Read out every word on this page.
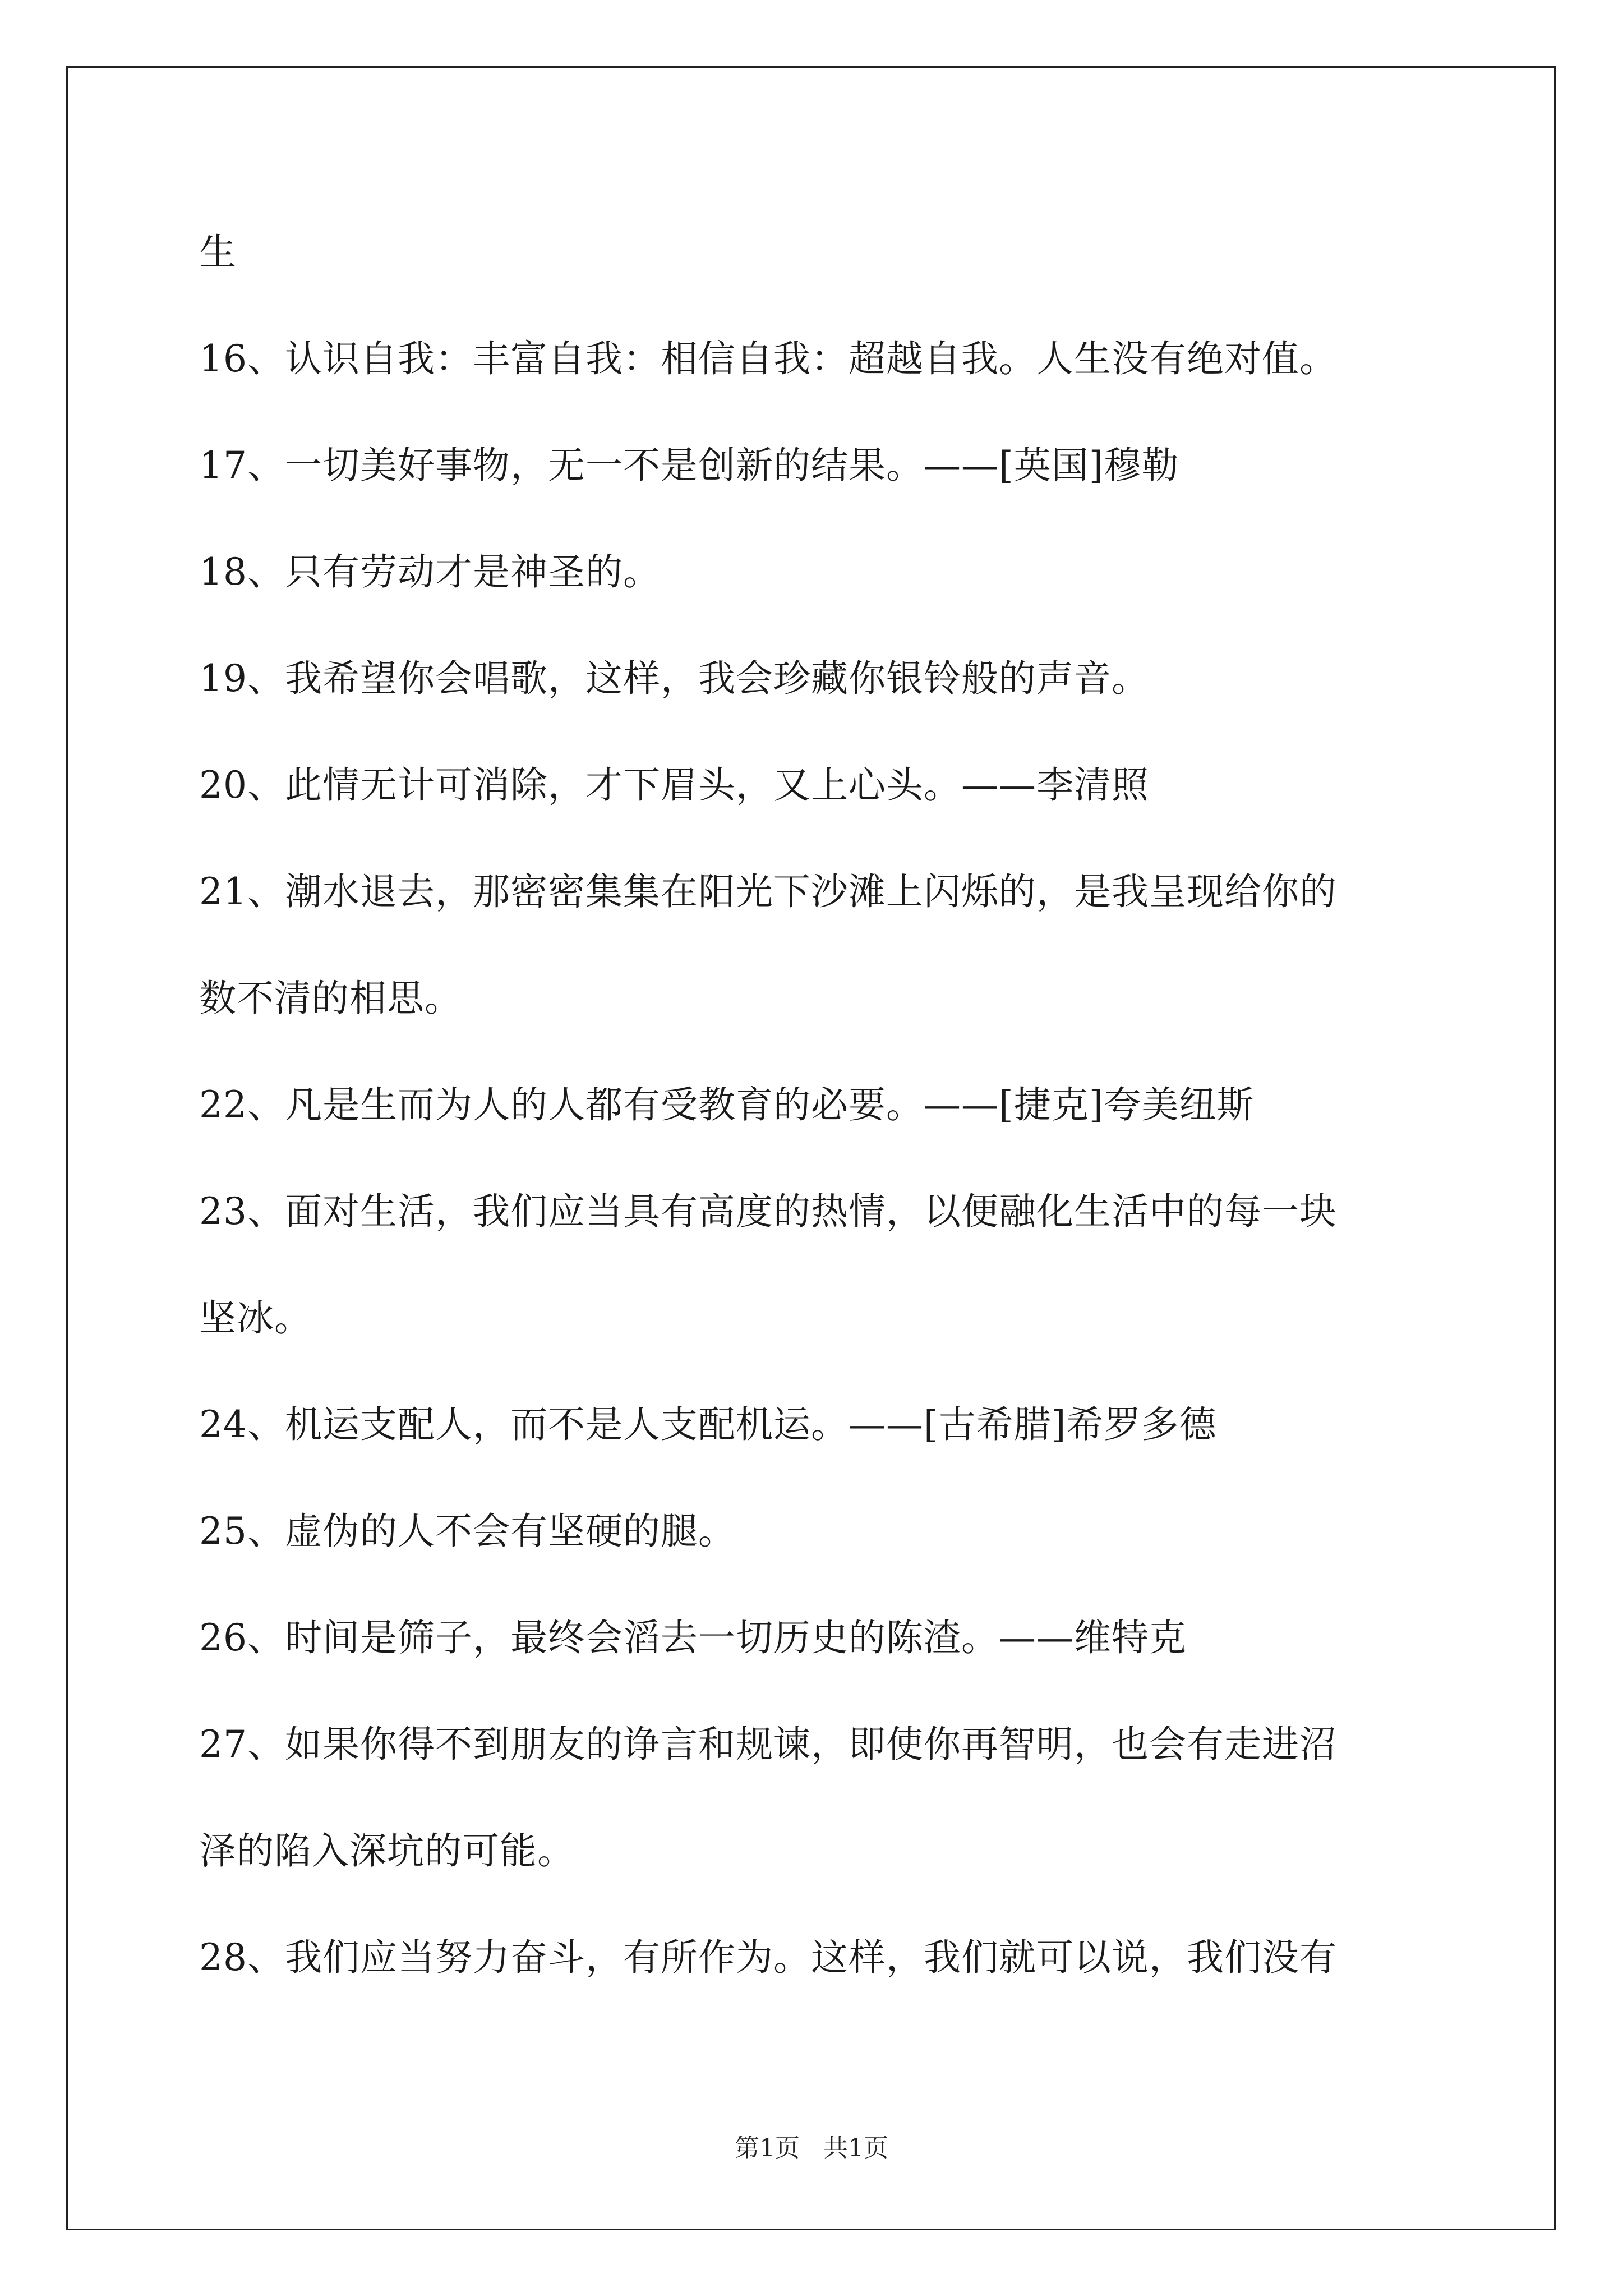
生
16、认识自我：丰富自我：相信自我：超越自我。人生没有绝对值。
17、一切美好事物，无一不是创新的结果。——[英国]穆勒
18、只有劳动才是神圣的。
19、我希望你会唱歌，这样，我会珍藏你银铃般的声音。
20、此情无计可消除，才下眉头，又上心头。——李清照
21、潮水退去，那密密集集在阳光下沙滩上闪烁的，是我呈现给你的
数不清的相思。
22、凡是生而为人的人都有受教育的必要。——[捷克]夸美纽斯
23、面对生活，我们应当具有高度的热情，以便融化生活中的每一块
坚冰。
24、机运支配人，而不是人支配机运。——[古希腊]希罗多德
25、虚伪的人不会有坚硬的腿。
26、时间是筛子，最终会滔去一切历史的陈渣。——维特克
27、如果你得不到朋友的诤言和规谏，即使你再智明，也会有走进沼
泽的陷入深坑的可能。
28、我们应当努力奋斗，有所作为。这样，我们就可以说，我们没有
第1页   共1页
